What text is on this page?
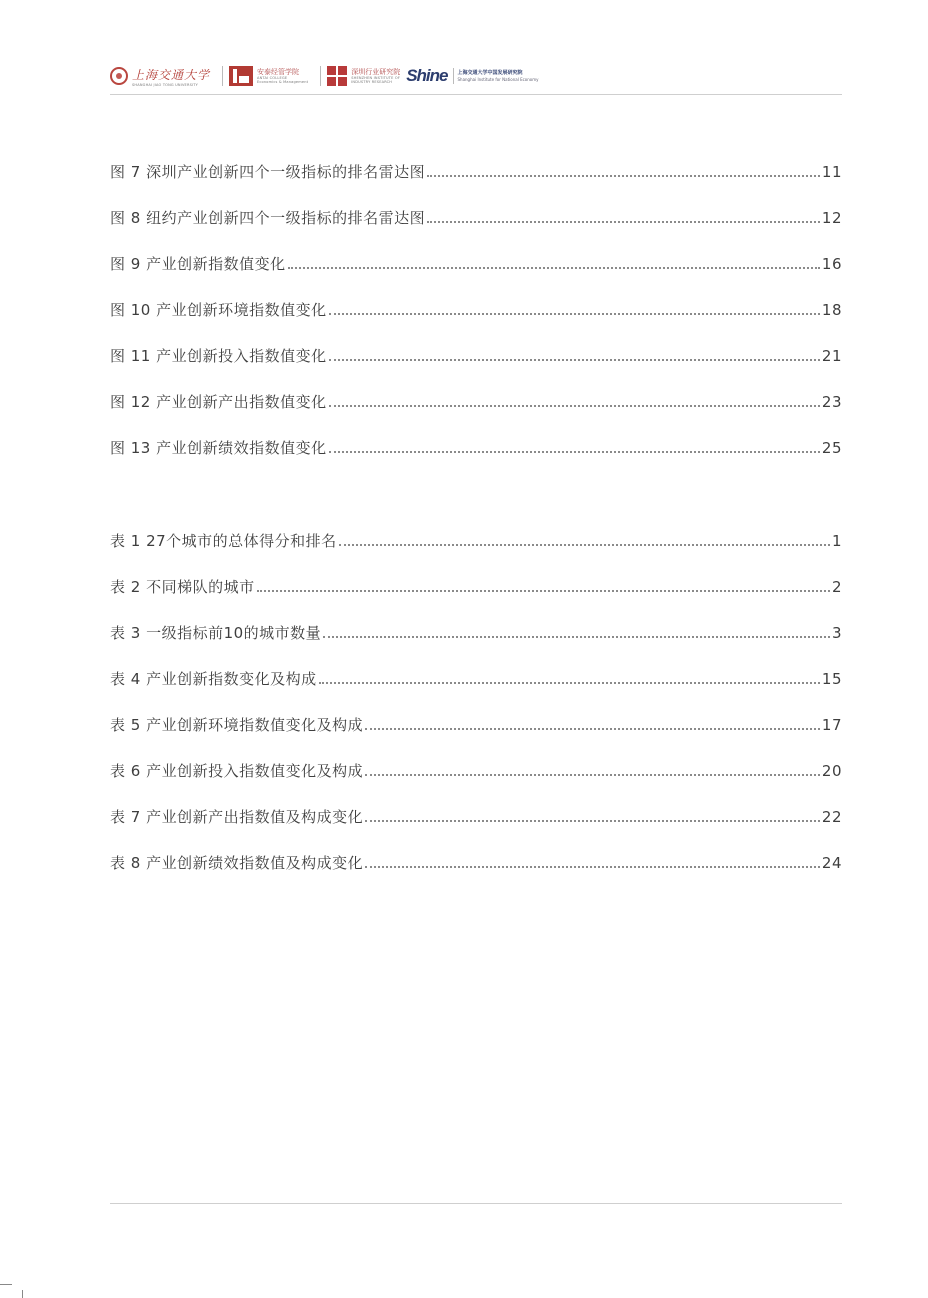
上海交通大学
SHANGHAI JIAO TONG UNIVERSITY
安泰经管学院
ANTAI COLLEGE
Economics & Management
深圳行业研究院
SHENZHEN INSTITUTE OF
INDUSTRY RESEARCH Shine 上海交通大学中国发展研究院
Shanghai Institute for National Economy
图 7 深圳产业创新四个一级指标的排名雷达图	11
图 8 纽约产业创新四个一级指标的排名雷达图	12
图 9 产业创新指数值变化	16
图 10 产业创新环境指数值变化	18
图 11 产业创新投入指数值变化	21
图 12 产业创新产出指数值变化	23
图 13 产业创新绩效指数值变化	25
表 1 27个城市的总体得分和排名	1
表 2 不同梯队的城市	2
表 3 一级指标前10的城市数量	3
表 4 产业创新指数变化及构成	15
表 5 产业创新环境指数值变化及构成	17
表 6 产业创新投入指数值变化及构成	20
表 7 产业创新产出指数值及构成变化	22
表 8 产业创新绩效指数值及构成变化	24
